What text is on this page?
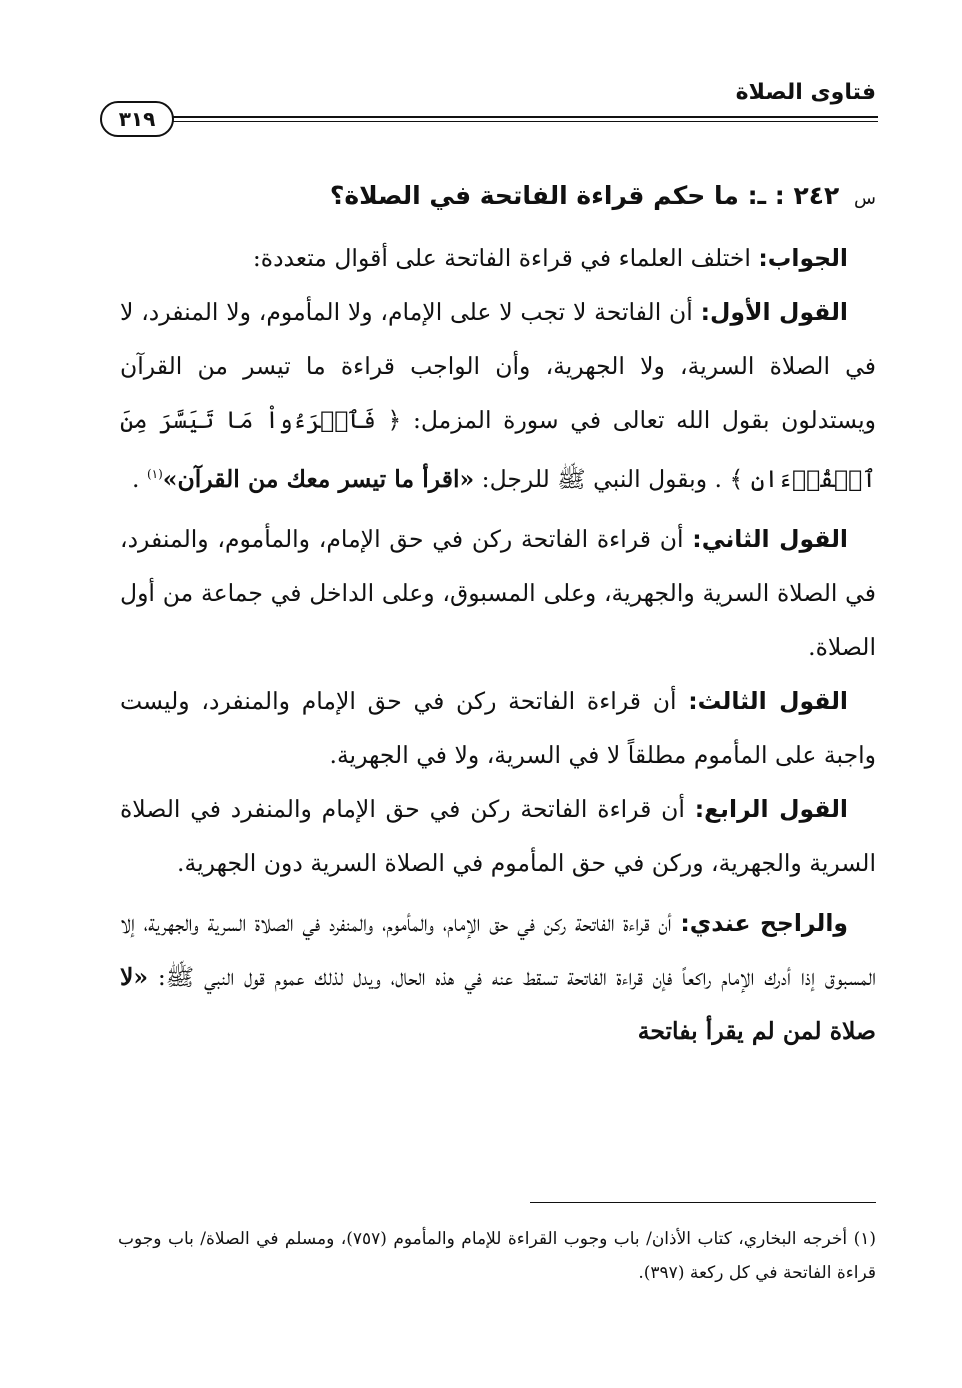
فتاوى الصلاة
٣١٩
س ٢٤٢ : ـ: ما حكم قراءة الفاتحة في الصلاة؟

الجواب: اختلف العلماء في قراءة الفاتحة على أقوال متعددة:

القول الأول: أن الفاتحة لا تجب لا على الإمام، ولا المأموم، ولا المنفرد، لا في الصلاة السرية، ولا الجهرية، وأن الواجب قراءة ما تيسر من القرآن ويستدلون بقول الله تعالى في سورة المزمل: ﴿ فَٱقۡرَءُواْ مَا تَيَسَّرَ مِنَ ٱلۡقُرۡءَانِ ﴾ . وبقول النبي ﷺ للرجل: «اقرأ ما تيسر معك من القرآن»$^{(١)}$ .

القول الثاني: أن قراءة الفاتحة ركن في حق الإمام، والمأموم، والمنفرد، في الصلاة السرية والجهرية، وعلى المسبوق، وعلى الداخل في جماعة من أول الصلاة.

القول الثالث: أن قراءة الفاتحة ركن في حق الإمام والمنفرد، وليست واجبة على المأموم مطلقاً لا في السرية، ولا في الجهرية.

القول الرابع: أن قراءة الفاتحة ركن في حق الإمام والمنفرد في الصلاة السرية والجهرية، وركن في حق المأموم في الصلاة السرية دون الجهرية.

والراجح عندي: أن قراءة الفاتحة ركن في حق الإمام، والمأموم، والمنفرد في الصلاة السرية والجهرية، إلا المسبوق إذا أدرك الإمام راكعاً فإن قراءة الفاتحة تسقط عنه في هذه الحال، ويدل لذلك عموم قول النبي ﷺ: «لا صلاة لمن لم يقرأ بفاتحة

(١) أخرجه البخاري، كتاب الأذان/ باب وجوب القراءة للإمام والمأموم (٧٥٧)، ومسلم في الصلاة/ باب وجوب قراءة الفاتحة في كل ركعة (٣٩٧).
